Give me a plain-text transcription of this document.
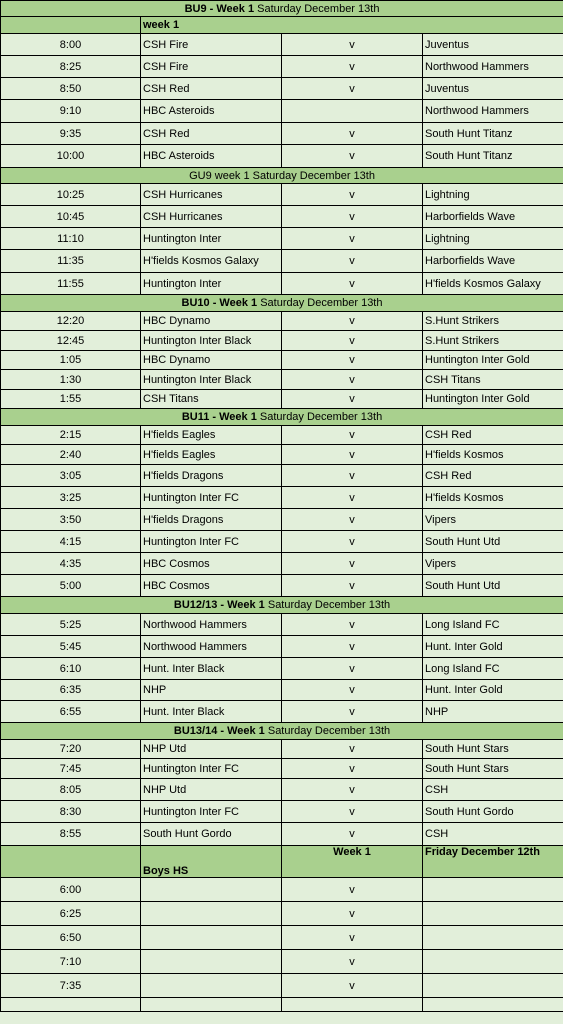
BU9 - Week 1 Saturday December 13th			
	week 1		
8:00	CSH Fire	v	Juventus
8:25	CSH Fire	v	Northwood Hammers
8:50	CSH Red	v	Juventus
9:10	HBC Asteroids		Northwood Hammers
9:35	CSH Red	v	South Hunt Titanz
10:00	HBC Asteroids	v	South Hunt Titanz
GU9 week 1 Saturday December 13th			
10:25	CSH Hurricanes	v	Lightning
10:45	CSH Hurricanes	v	Harborfields Wave
11:10	Huntington Inter	v	Lightning
11:35	H'fields Kosmos Galaxy	v	Harborfields Wave
11:55	Huntington Inter	v	H'fields Kosmos Galaxy
BU10 - Week 1 Saturday December 13th			
12:20	HBC Dynamo	v	S.Hunt Strikers
12:45	Huntington Inter Black	v	S.Hunt Strikers
1:05	HBC Dynamo	v	Huntington Inter Gold
1:30	Huntington Inter Black	v	CSH Titans
1:55	CSH Titans	v	Huntington Inter Gold
BU11 - Week 1 Saturday December 13th			
2:15	H'fields Eagles	v	CSH Red
2:40	H'fields Eagles	v	H'fields Kosmos
3:05	H'fields Dragons	v	CSH Red
3:25	Huntington Inter FC	v	H'fields Kosmos
3:50	H'fields Dragons	v	Vipers
4:15	Huntington Inter FC	v	South Hunt Utd
4:35	HBC Cosmos	v	Vipers
5:00	HBC Cosmos	v	South Hunt Utd
BU12/13 - Week 1 Saturday December 13th			
5:25	Northwood Hammers	v	Long Island FC
5:45	Northwood Hammers	v	Hunt. Inter Gold
6:10	Hunt. Inter Black	v	Long Island FC
6:35	NHP	v	Hunt. Inter Gold
6:55	Hunt. Inter Black	v	NHP
BU13/14 - Week 1 Saturday December 13th			
7:20	NHP Utd	v	South Hunt Stars
7:45	Huntington Inter FC	v	South Hunt Stars
8:05	NHP Utd	v	CSH
8:30	Huntington Inter FC	v	South Hunt Gordo
8:55	South Hunt Gordo	v	CSH
	Boys HS	Week 1	Friday December 12th
6:00		v	
6:25		v	
6:50		v	
7:10		v	
7:35		v	
